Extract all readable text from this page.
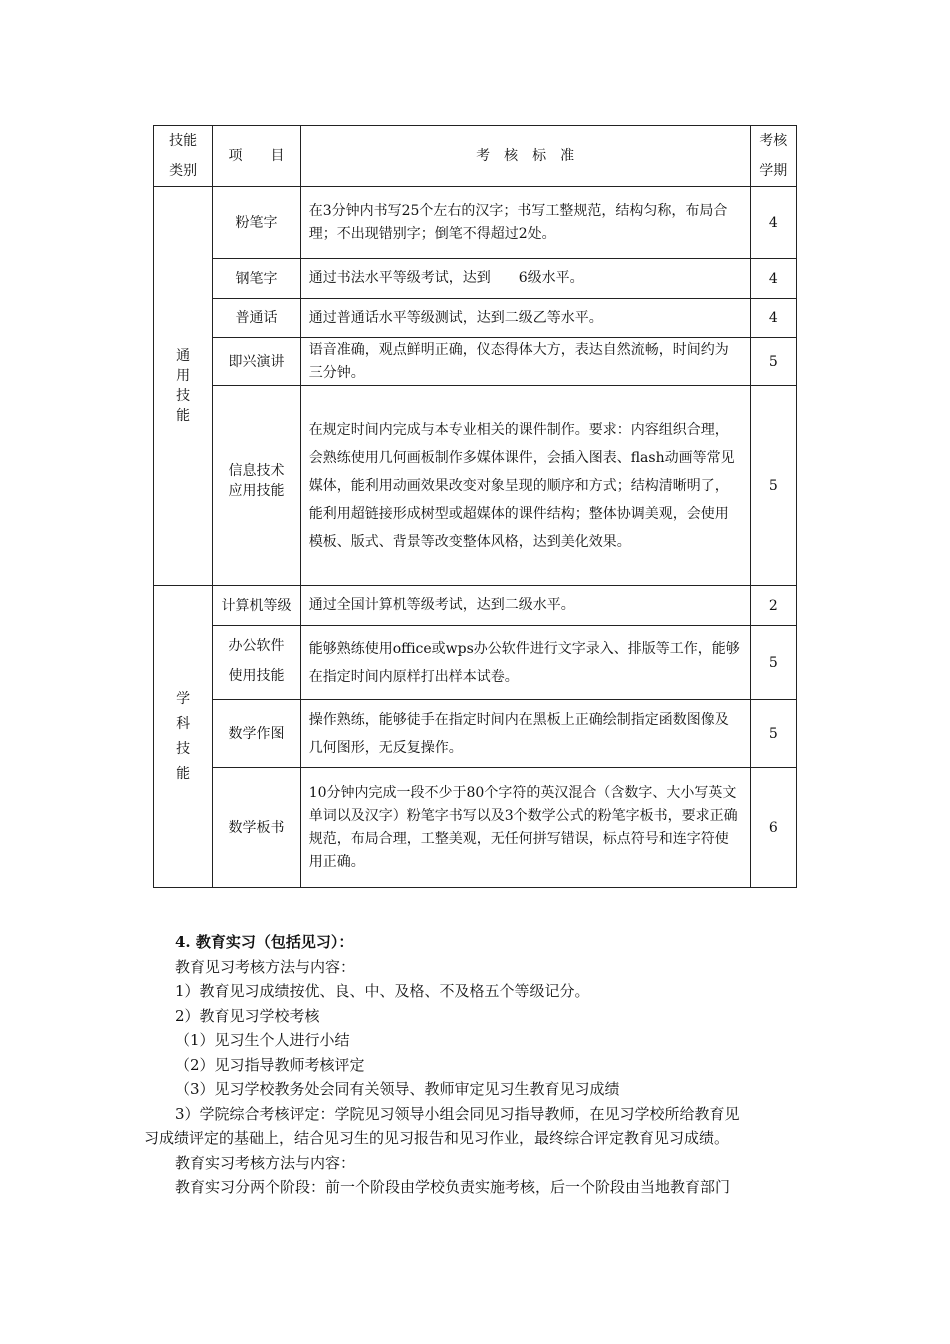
技能类别	项　　目	考　核　标　准	考核学期
通用技能	粉笔字	在3分钟内书写25个左右的汉字；书写工整规范，结构匀称，布局合理；不出现错别字；倒笔不得超过2处。	4
	钢笔字	通过书法水平等级考试，达到　　6级水平。	4
	普通话	通过普通话水平等级测试，达到二级乙等水平。	4
	即兴演讲	语音准确，观点鲜明正确，仪态得体大方，表达自然流畅，时间约为三分钟。	5
	信息技术应用技能	在规定时间内完成与本专业相关的课件制作。要求：内容组织合理，会熟练使用几何画板制作多媒体课件，会插入图表、flash动画等常见媒体，能利用动画效果改变对象呈现的顺序和方式；结构清晰明了，能利用超链接形成树型或超媒体的课件结构；整体协调美观，会使用模板、版式、背景等改变整体风格，达到美化效果。	5
学科技能	计算机等级	通过全国计算机等级考试，达到二级水平。	2
	办公软件使用技能	能够熟练使用office或wps办公软件进行文字录入、排版等工作，能够在指定时间内原样打出样本试卷。	5
	数学作图	操作熟练，能够徒手在指定时间内在黑板上正确绘制指定函数图像及几何图形，无反复操作。	5
	数学板书	10分钟内完成一段不少于80个字符的英汉混合（含数字、大小写英文单词以及汉字）粉笔字书写以及3个数学公式的粉笔字板书，要求正确规范，布局合理，工整美观，无任何拼写错误，标点符号和连字符使用正确。	6

4. 教育实习（包括见习）：

教育见习考核方法与内容：

1）教育见习成绩按优、良、中、及格、不及格五个等级记分。

2）教育见习学校考核

（1）见习生个人进行小结

（2）见习指导教师考核评定

（3）见习学校教务处会同有关领导、教师审定见习生教育见习成绩

3）学院综合考核评定：学院见习领导小组会同见习指导教师，在见习学校所给教育见

习成绩评定的基础上，结合见习生的见习报告和见习作业，最终综合评定教育见习成绩。

教育实习考核方法与内容：

教育实习分两个阶段：前一个阶段由学校负责实施考核，后一个阶段由当地教育部门
